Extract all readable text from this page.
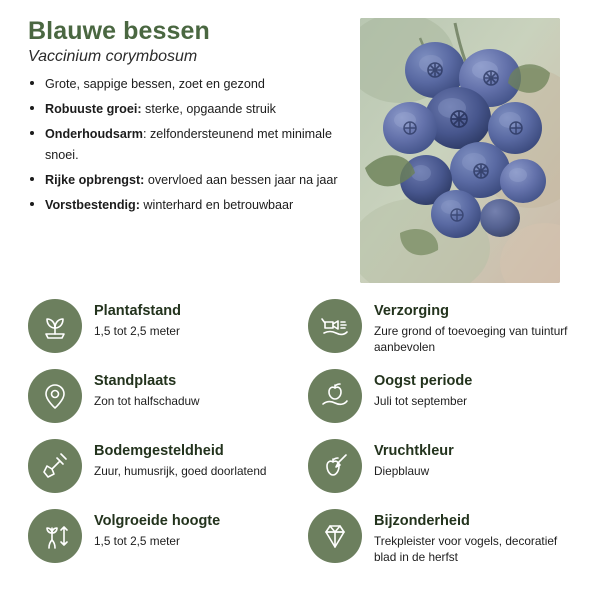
Blauwe bessen
Vaccinium corymbosum
Grote, sappige bessen, zoet en gezond
Robuuste groei: sterke, opgaande struik
Onderhoudsarm: zelfondersteunend met minimale snoei.
Rijke opbrengst: overvloed aan bessen jaar na jaar
Vorstbestendig: winterhard en betrouwbaar
Plantafstand
1,5 tot 2,5 meter
Verzorging
Zure grond of toevoeging van tuinturf aanbevolen
Standplaats
Zon tot halfschaduw
Oogst periode
Juli tot september
Bodemgesteldheid
Zuur, humusrijk, goed doorlatend
Vruchtkleur
Diepblauw
Volgroeide hoogte
1,5 tot 2,5 meter
Bijzonderheid
Trekpleister voor vogels, decoratief blad in de herfst
